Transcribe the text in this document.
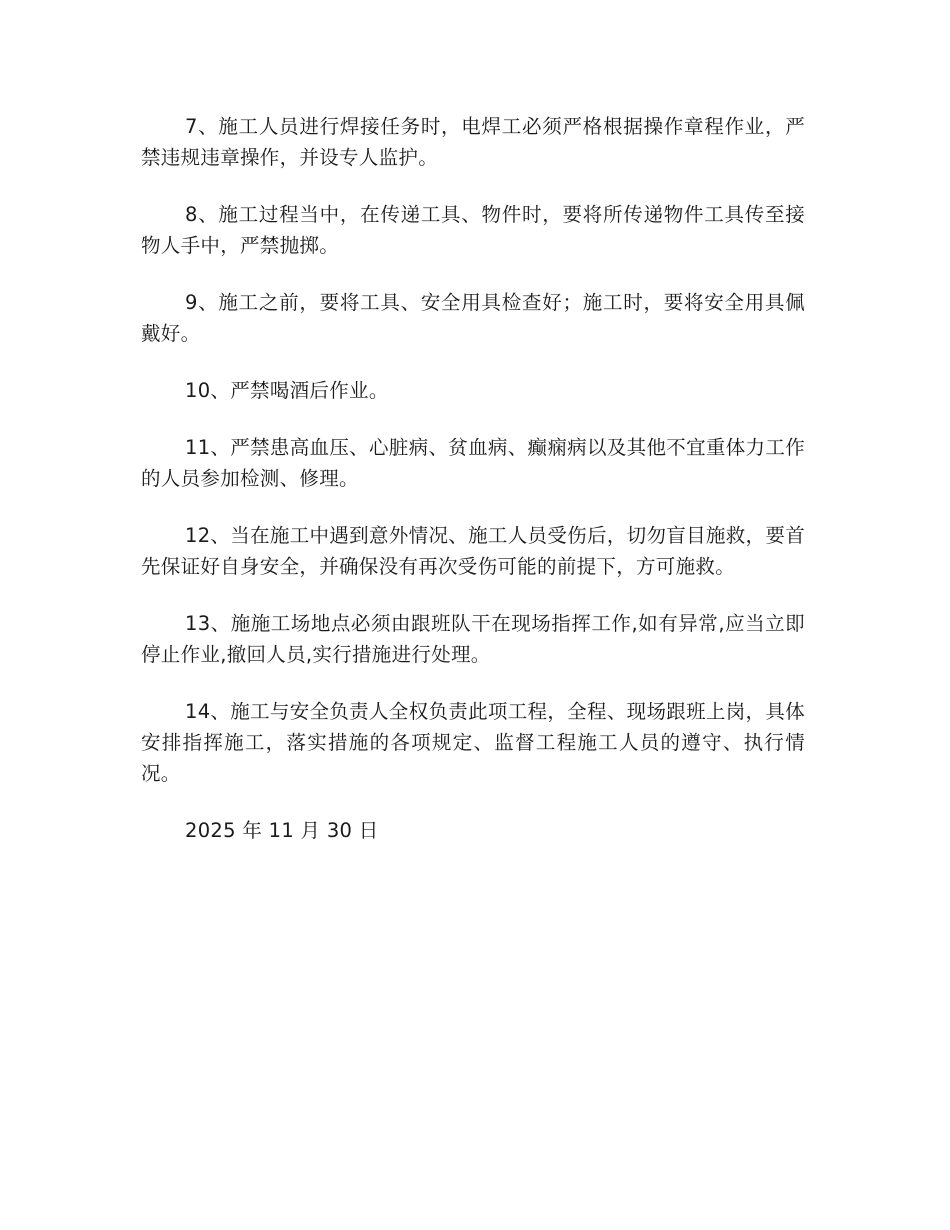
7、施工人员进行焊接任务时，电焊工必须严格根据操作章程作业，严禁违规违章操作，并设专人监护。

8、施工过程当中，在传递工具、物件时，要将所传递物件工具传至接物人手中，严禁抛掷。

9、施工之前，要将工具、安全用具检查好；施工时，要将安全用具佩戴好。

10、严禁喝酒后作业。

11、严禁患高血压、心脏病、贫血病、癫痫病以及其他不宜重体力工作的人员参加检测、修理。

12、当在施工中遇到意外情况、施工人员受伤后，切勿盲目施救，要首先保证好自身安全，并确保没有再次受伤可能的前提下，方可施救。

13、施施工场地点必须由跟班队干在现场指挥工作,如有异常,应当立即停止作业,撤回人员,实行措施进行处理。

14、施工与安全负责人全权负责此项工程，全程、现场跟班上岗，具体安排指挥施工，落实措施的各项规定、监督工程施工人员的遵守、执行情况。

2025 年 11 月 30 日
